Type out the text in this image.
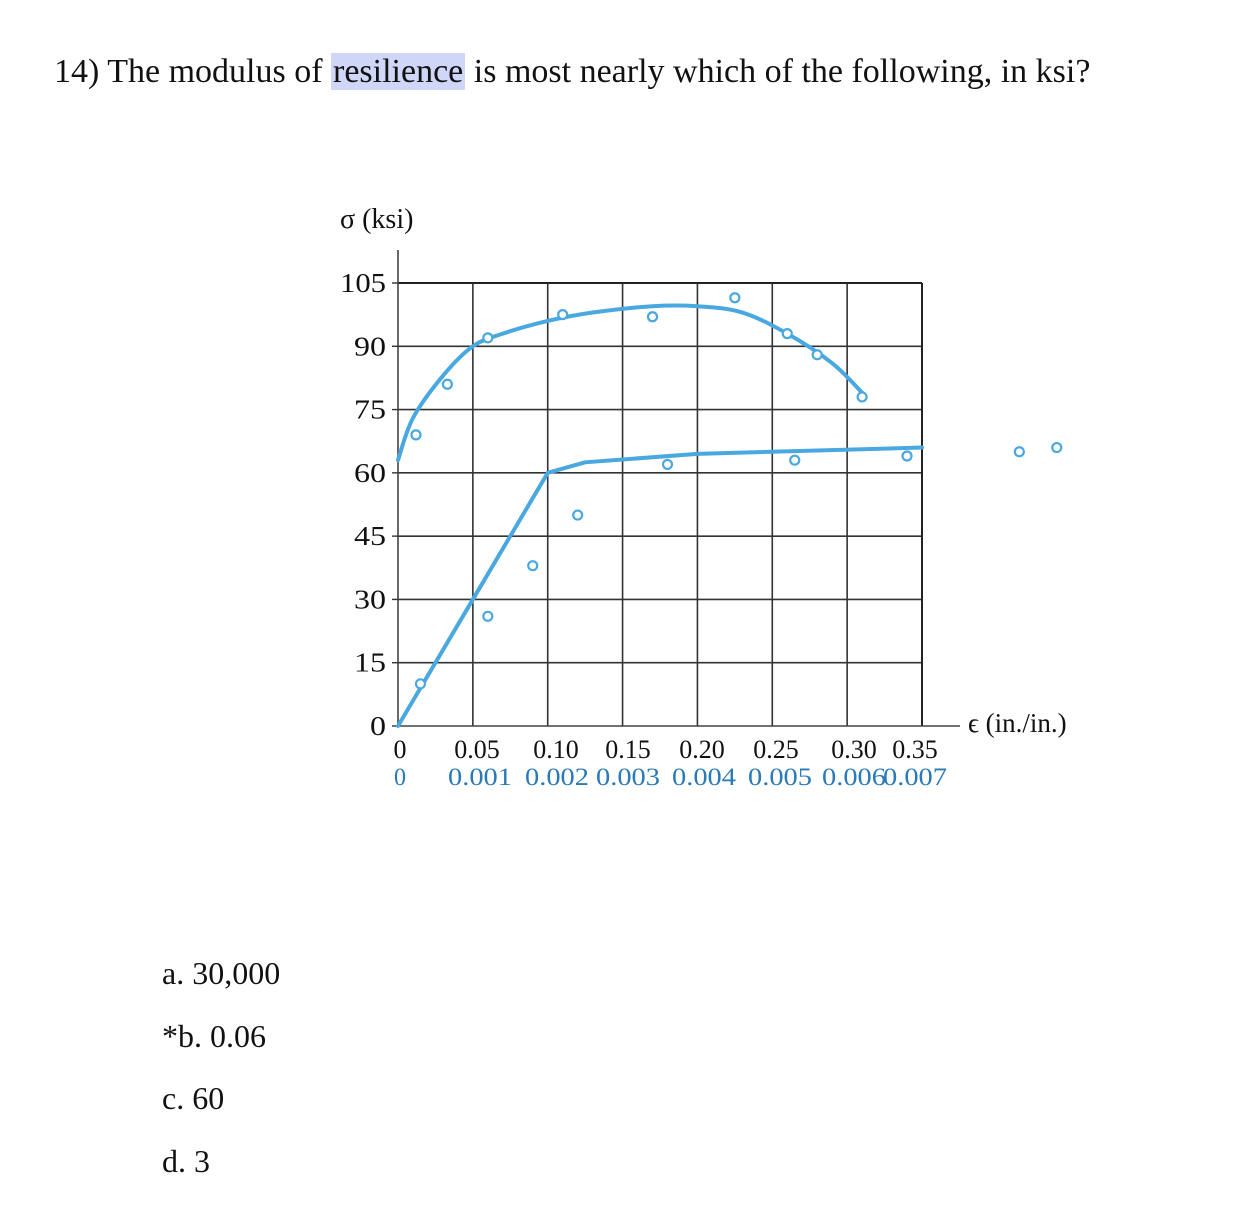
14) The modulus of resilience is most nearly which of the following, in ksi?
σ (ksi)
105
90
75
60
45
30
15
0
0 0.05 0.10 0.15 0.20 0.25 0.30 0.35
0 0.001 0.002 0.003 0.004 0.005 0.006
0.007
ϵ (in./in.)
a. 30,000
*b. 0.06
c. 60
d. 3
